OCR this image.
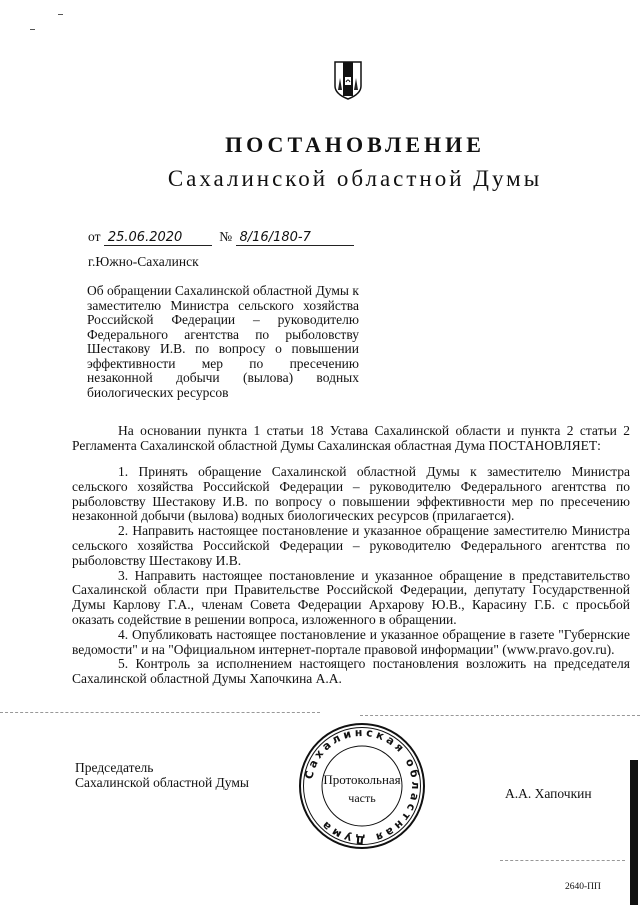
ПОСТАНОВЛЕНИЕ
Сахалинской областной Думы
от 25.06.2020	№ 8/16/180-7
г.Южно-Сахалинск
Об обращении Сахалинской областной Думы к заместителю Министра сельского хозяйства Российской Федерации – руководителю Федерального агентства по рыболовству Шестакову И.В. по вопросу о повышении эффективности мер по пресечению незаконной добычи (вылова) водных биологических ресурсов

На основании пункта 1 статьи 18 Устава Сахалинской области и пункта 2 статьи 2 Регламента Сахалинской областной Думы Сахалинская областная Дума ПОСТАНОВЛЯЕТ:

1. Принять обращение Сахалинской областной Думы к заместителю Министра сельского хозяйства Российской Федерации – руководителю Федерального агентства по рыболовству Шестакову И.В. по вопросу о повышении эффективности мер по пресечению незаконной добычи (вылова) водных биологических ресурсов (прилагается).

2. Направить настоящее постановление и указанное обращение заместителю Министра сельского хозяйства Российской Федерации – руководителю Федерального агентства по рыболовству Шестакову И.В.

3. Направить настоящее постановление и указанное обращение в представительство Сахалинской области при Правительстве Российской Федерации, депутату Государственной Думы Карлову Г.А., членам Совета Федерации Архарову Ю.В., Карасину Г.Б. с просьбой оказать содействие в решении вопроса, изложенного в обращении.

4. Опубликовать настоящее постановление и указанное обращение в газете "Губернские ведомости" и на "Официальном интернет-портале правовой информации" (www.pravo.gov.ru).

5. Контроль за исполнением настоящего постановления возложить на председателя Сахалинской областной Думы Хапочкина А.А.

Председатель
Сахалинской областной Думы
Сахалинская областная Дума
Протокольная
часть	А.А. Хапочкин
2640-ПП
